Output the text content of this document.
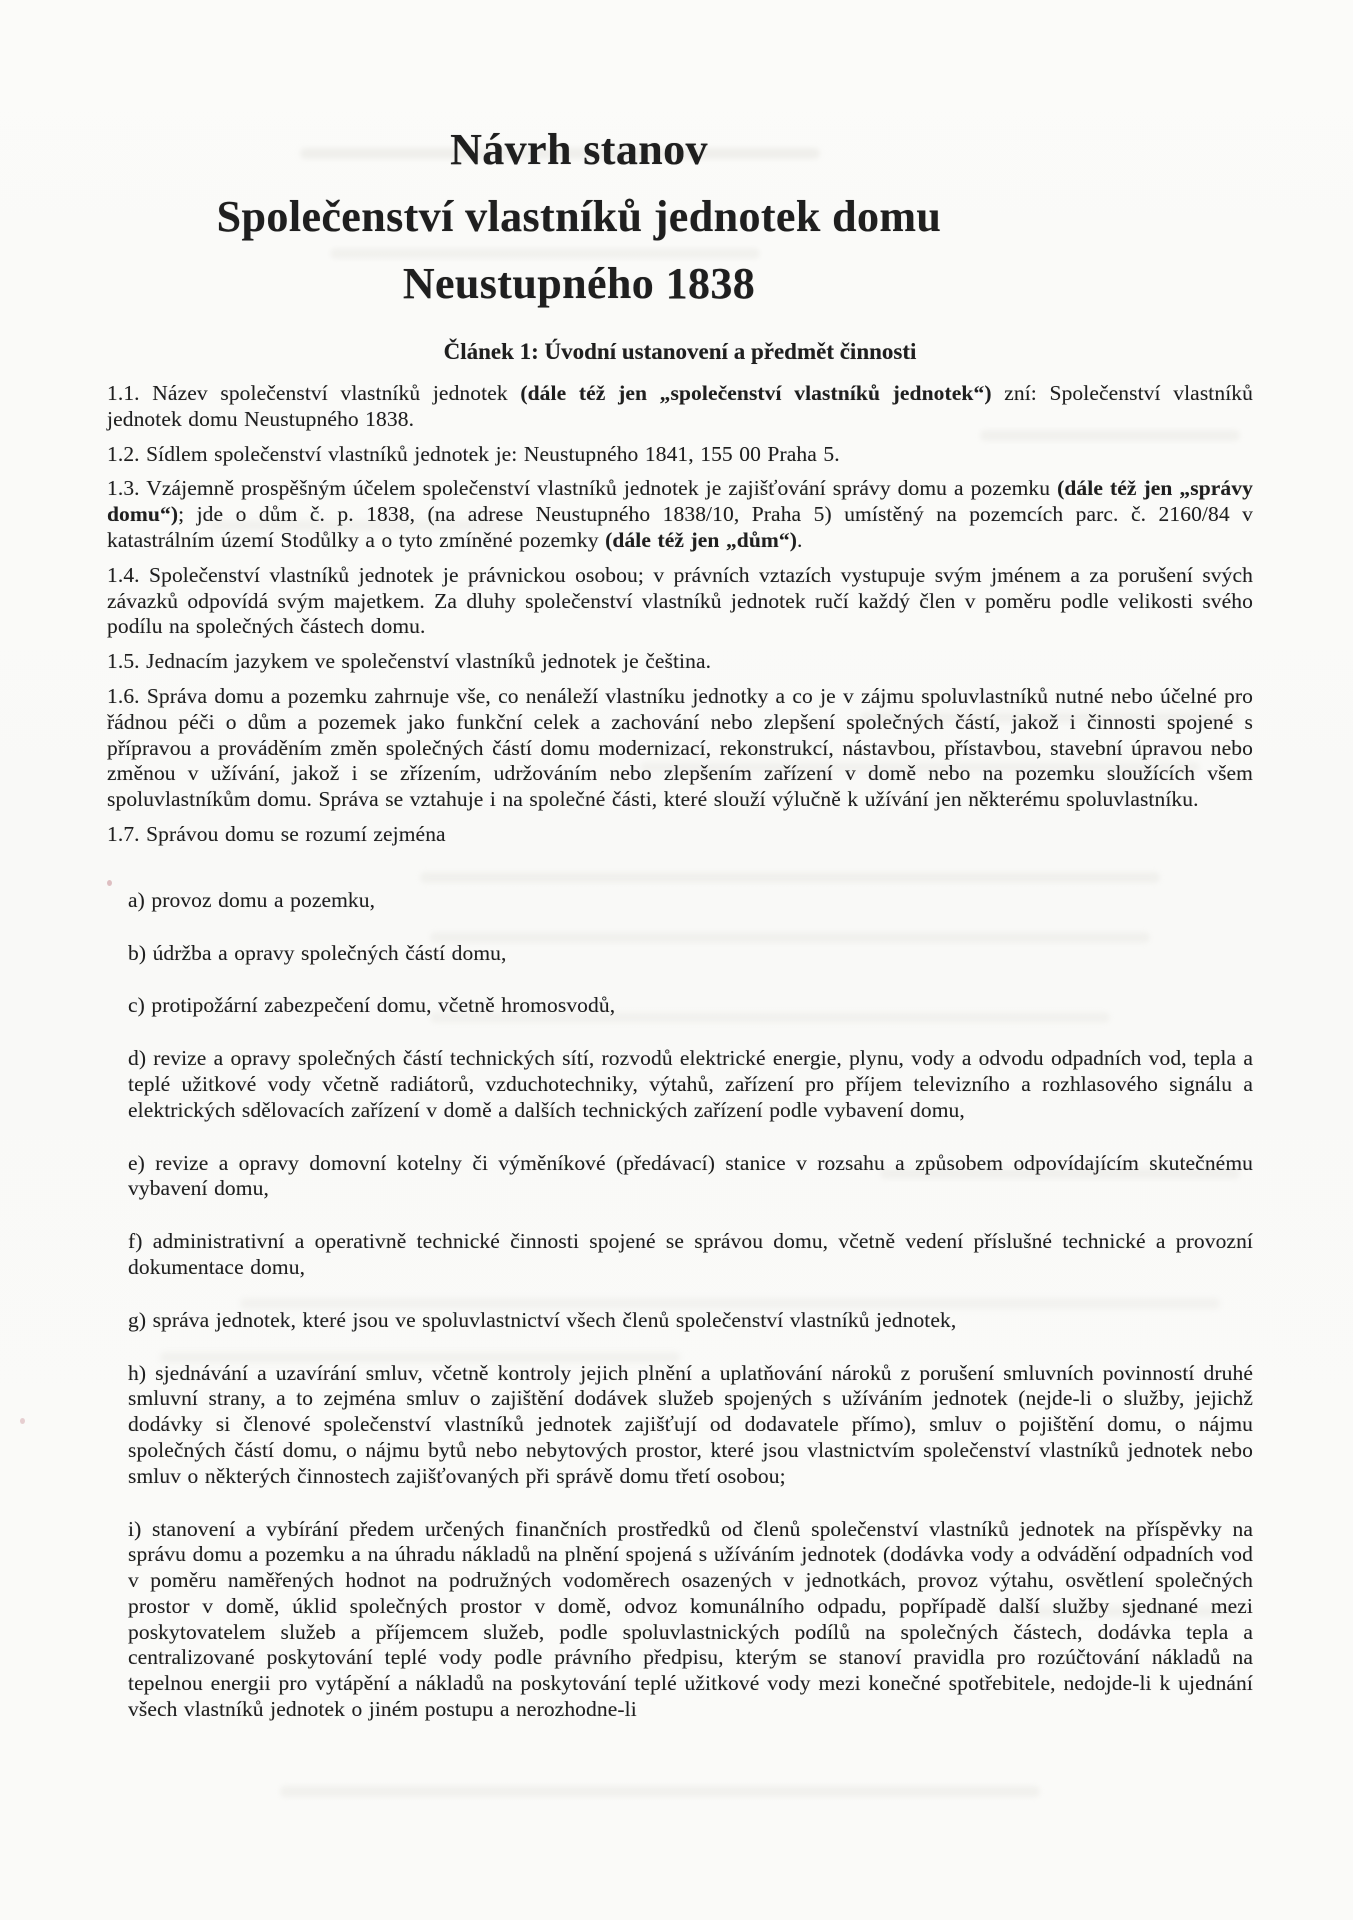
Návrh stanov
Společenství vlastníků jednotek domu
Neustupného 1838
Článek 1: Úvodní ustanovení a předmět činnosti

1.1. Název společenství vlastníků jednotek (dále též jen „společenství vlastníků jednotek“) zní: Společenství vlastníků jednotek domu Neustupného 1838.

1.2. Sídlem společenství vlastníků jednotek je: Neustupného 1841, 155 00 Praha 5.

1.3. Vzájemně prospěšným účelem společenství vlastníků jednotek je zajišťování správy domu a pozemku (dále též jen „správy domu“); jde o dům č. p. 1838, (na adrese Neustupného 1838/10, Praha 5) umístěný na pozemcích parc. č. 2160/84 v katastrálním území Stodůlky a o tyto zmíněné pozemky (dále též jen „dům“).

1.4. Společenství vlastníků jednotek je právnickou osobou; v právních vztazích vystupuje svým jménem a za porušení svých závazků odpovídá svým majetkem. Za dluhy společenství vlastníků jednotek ručí každý člen v poměru podle velikosti svého podílu na společných částech domu.

1.5. Jednacím jazykem ve společenství vlastníků jednotek je čeština.

1.6. Správa domu a pozemku zahrnuje vše, co nenáleží vlastníku jednotky a co je v zájmu spoluvlastníků nutné nebo účelné pro řádnou péči o dům a pozemek jako funkční celek a zachování nebo zlepšení společných částí, jakož i činnosti spojené s přípravou a prováděním změn společných částí domu modernizací, rekonstrukcí, nástavbou, přístavbou, stavební úpravou nebo změnou v užívání, jakož i se zřízením, udržováním nebo zlepšením zařízení v domě nebo na pozemku sloužících všem spoluvlastníkům domu. Správa se vztahuje i na společné části, které slouží výlučně k užívání jen některému spoluvlastníku.

1.7. Správou domu se rozumí zejména

a) provoz domu a pozemku,

b) údržba a opravy společných částí domu,

c) protipožární zabezpečení domu, včetně hromosvodů,

d) revize a opravy společných částí technických sítí, rozvodů elektrické energie, plynu, vody a odvodu odpadních vod, tepla a teplé užitkové vody včetně radiátorů, vzduchotechniky, výtahů, zařízení pro příjem televizního a rozhlasového signálu a elektrických sdělovacích zařízení v domě a dalších technických zařízení podle vybavení domu,

e) revize a opravy domovní kotelny či výměníkové (předávací) stanice v rozsahu a způsobem odpovídajícím skutečnému vybavení domu,

f) administrativní a operativně technické činnosti spojené se správou domu, včetně vedení příslušné technické a provozní dokumentace domu,

g) správa jednotek, které jsou ve spoluvlastnictví všech členů společenství vlastníků jednotek,

h) sjednávání a uzavírání smluv, včetně kontroly jejich plnění a uplatňování nároků z porušení smluvních povinností druhé smluvní strany, a to zejména smluv o zajištění dodávek služeb spojených s užíváním jednotek (nejde-li o služby, jejichž dodávky si členové společenství vlastníků jednotek zajišťují od dodavatele přímo), smluv o pojištění domu, o nájmu společných částí domu, o nájmu bytů nebo nebytových prostor, které jsou vlastnictvím společenství vlastníků jednotek nebo smluv o některých činnostech zajišťovaných při správě domu třetí osobou;

i) stanovení a vybírání předem určených finančních prostředků od členů společenství vlastníků jednotek na příspěvky na správu domu a pozemku a na úhradu nákladů na plnění spojená s užíváním jednotek (dodávka vody a odvádění odpadních vod v poměru naměřených hodnot na podružných vodoměrech osazených v jednotkách, provoz výtahu, osvětlení společných prostor v domě, úklid společných prostor v domě, odvoz komunálního odpadu, popřípadě další služby sjednané mezi poskytovatelem služeb a příjemcem služeb, podle spoluvlastnických podílů na společných částech, dodávka tepla a centralizované poskytování teplé vody podle právního předpisu, kterým se stanoví pravidla pro rozúčtování nákladů na tepelnou energii pro vytápění a nákladů na poskytování teplé užitkové vody mezi konečné spotřebitele, nedojde-li k ujednání všech vlastníků jednotek o jiném postupu a nerozhodne-li
